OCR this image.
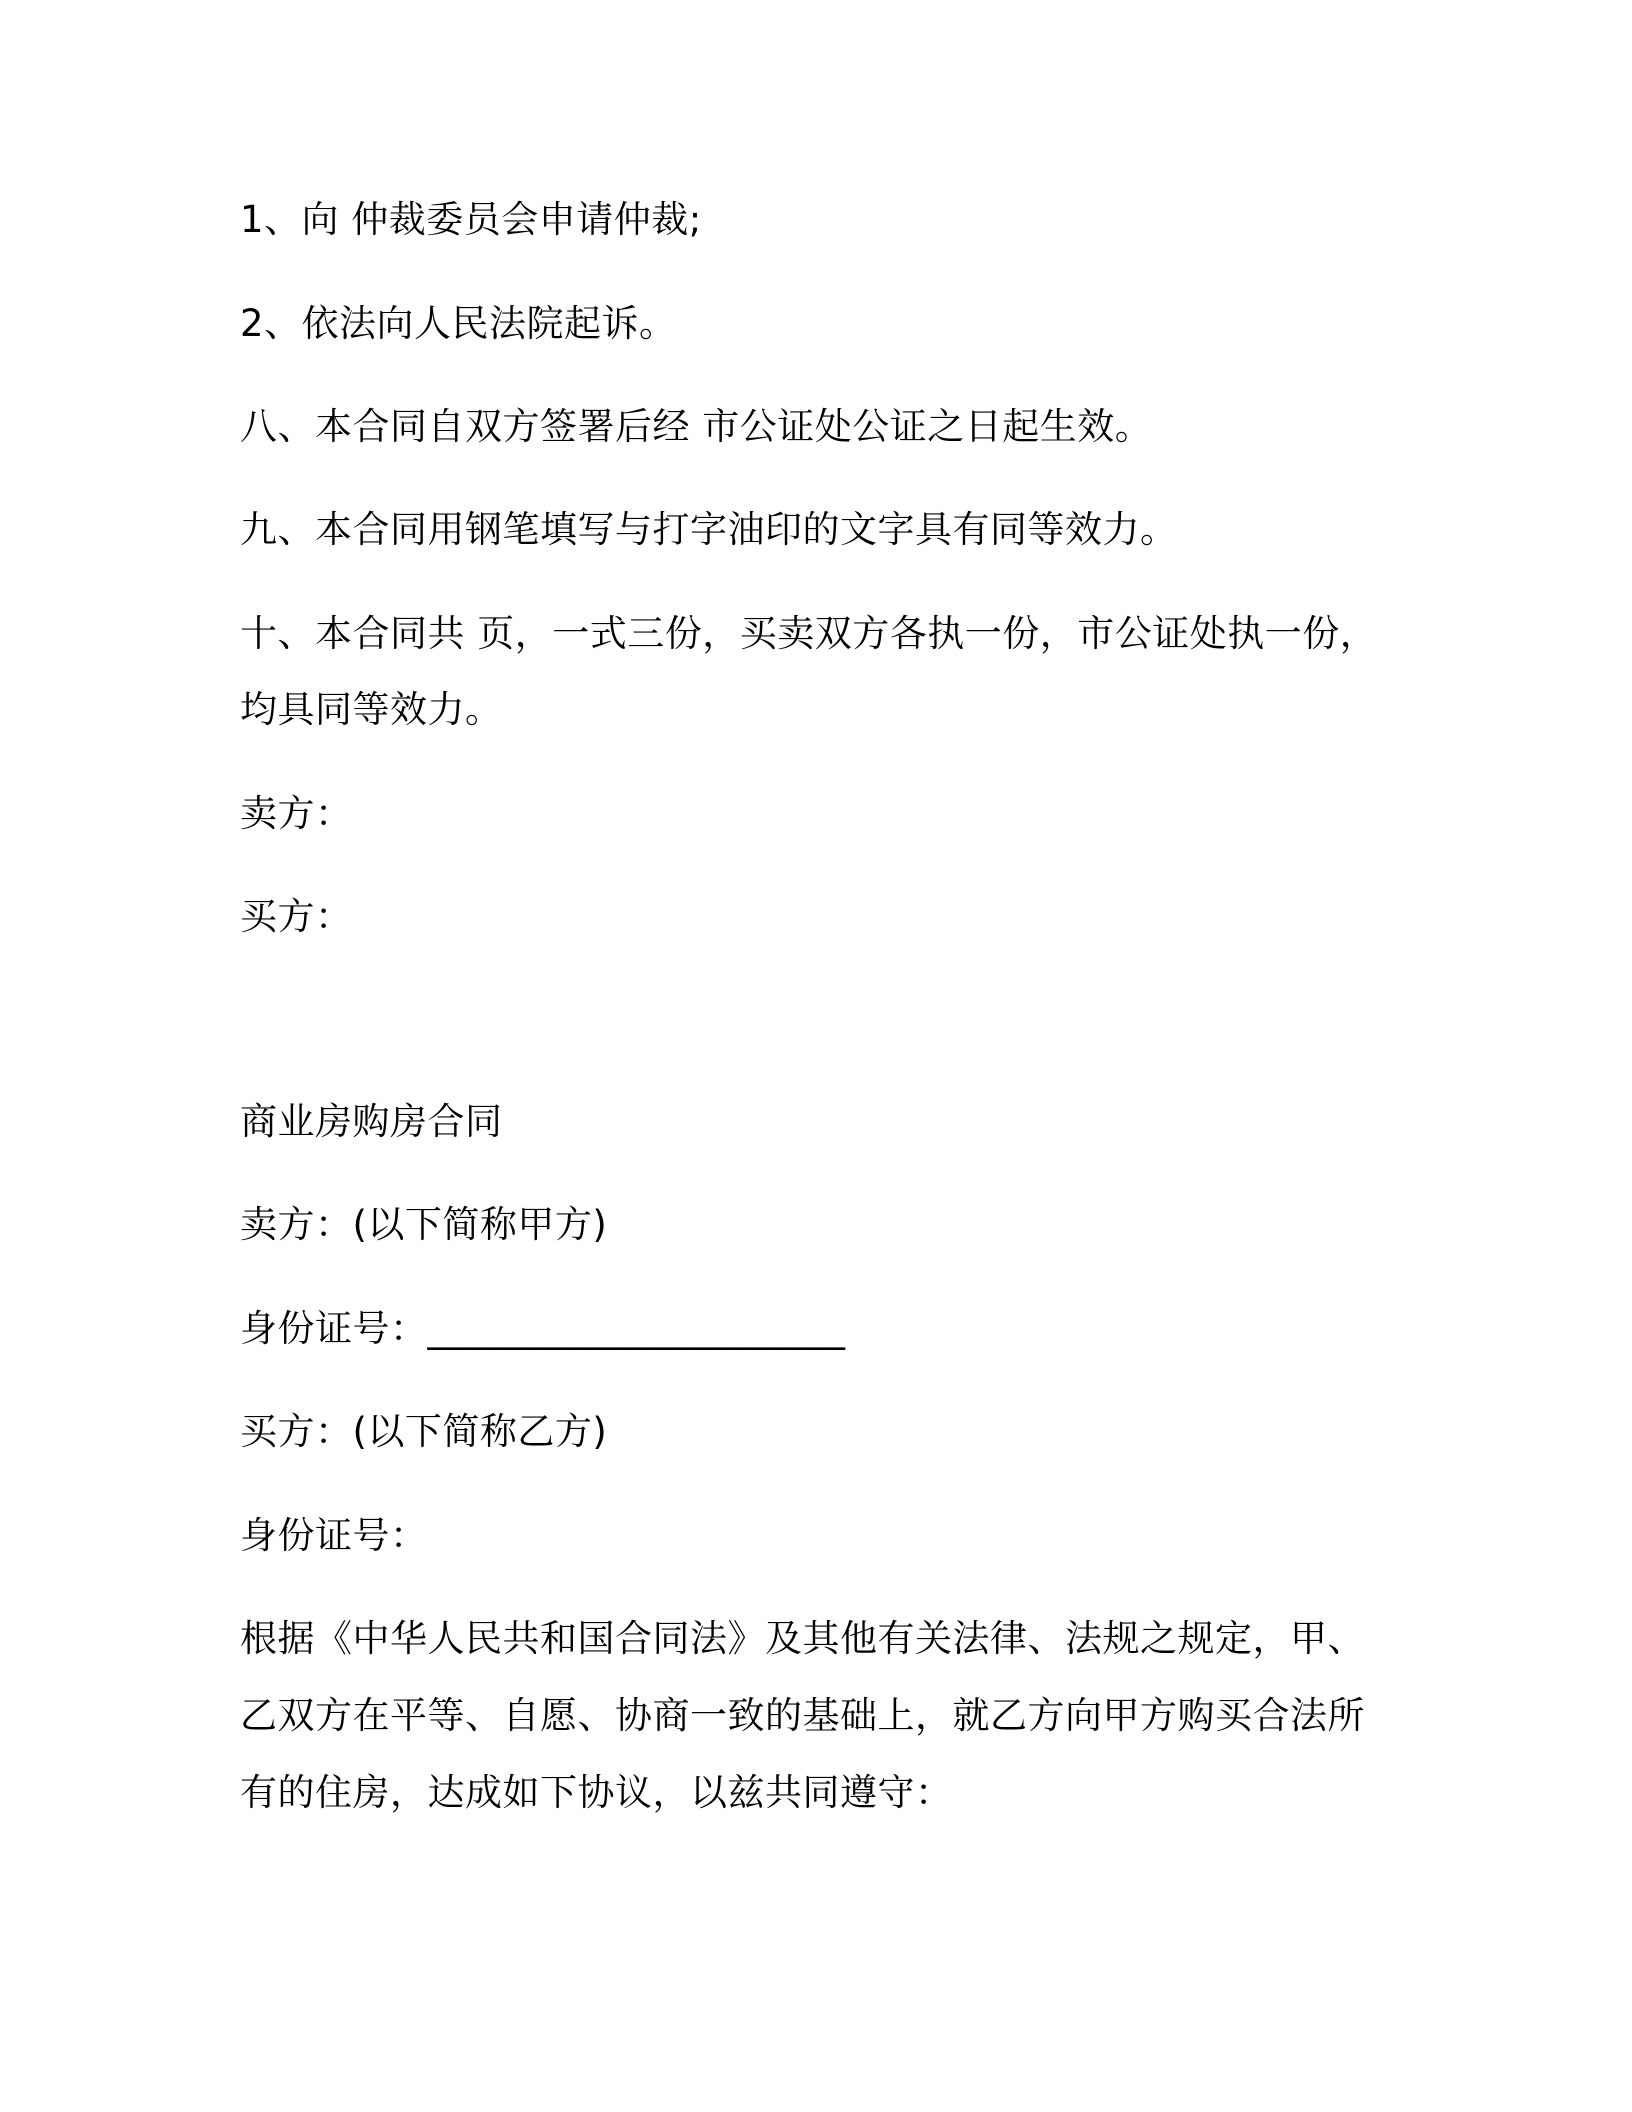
1、向 仲裁委员会申请仲裁;
2、依法向人民法院起诉。
八、本合同自双方签署后经 市公证处公证之日起生效。
九、本合同用钢笔填写与打字油印的文字具有同等效力。
十、本合同共 页，一式三份，买卖双方各执一份，市公证处执一份，
均具同等效力。
卖方：
买方：
商业房购房合同
卖方：(以下简称甲方)
身份证号：______________________
买方：(以下简称乙方)
身份证号：
根据《中华人民共和国合同法》及其他有关法律、法规之规定，甲、
乙双方在平等、自愿、协商一致的基础上，就乙方向甲方购买合法所
有的住房，达成如下协议，以兹共同遵守：
